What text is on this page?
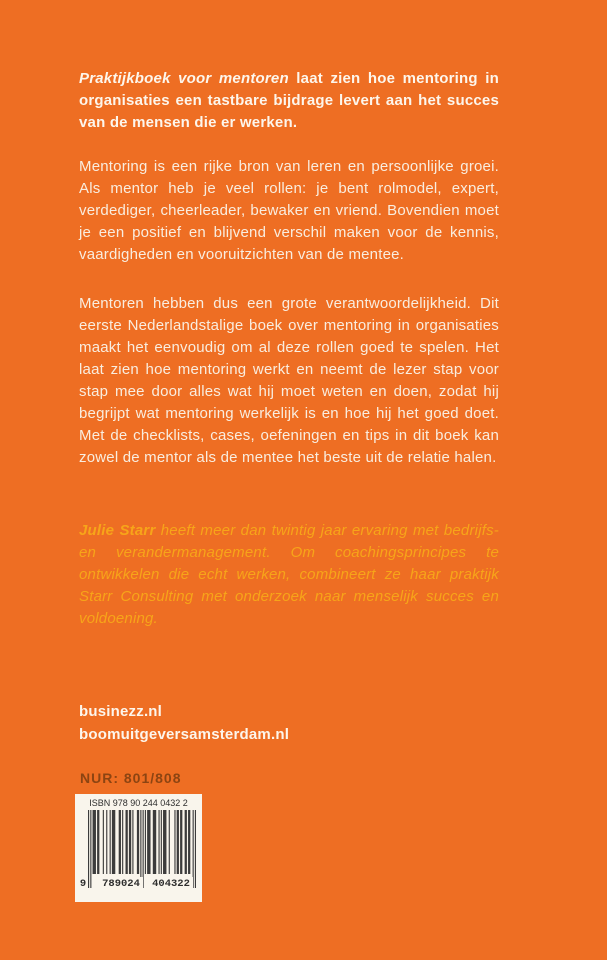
Praktijkboek voor mentoren laat zien hoe mentoring in organisaties een tastbare bijdrage levert aan het succes van de mensen die er werken.

Mentoring is een rijke bron van leren en persoonlijke groei. Als mentor heb je veel rollen: je bent rolmodel, expert, verdediger, cheerleader, bewaker en vriend. Bovendien moet je een positief en blijvend verschil maken voor de kennis, vaardigheden en vooruitzichten van de mentee.

Mentoren hebben dus een grote verantwoordelijkheid. Dit eerste Nederlandstalige boek over mentoring in organisaties maakt het eenvoudig om al deze rollen goed te spelen. Het laat zien hoe mentoring werkt en neemt de lezer stap voor stap mee door alles wat hij moet weten en doen, zodat hij begrijpt wat mentoring werkelijk is en hoe hij het goed doet. Met de checklists, cases, oefeningen en tips in dit boek kan zowel de mentor als de mentee het beste uit de relatie halen.

Julie Starr heeft meer dan twintig jaar ervaring met bedrijfs- en verandermanagement. Om coachingsprincipes te ontwikkelen die echt werken, combineert ze haar praktijk Starr Consulting met onderzoek naar menselijk succes en voldoening.

businezz.nl
boomuitgeversamsterdam.nl
NUR: 801/808
ISBN 978 90 244 0432 2
9 789024 404322
